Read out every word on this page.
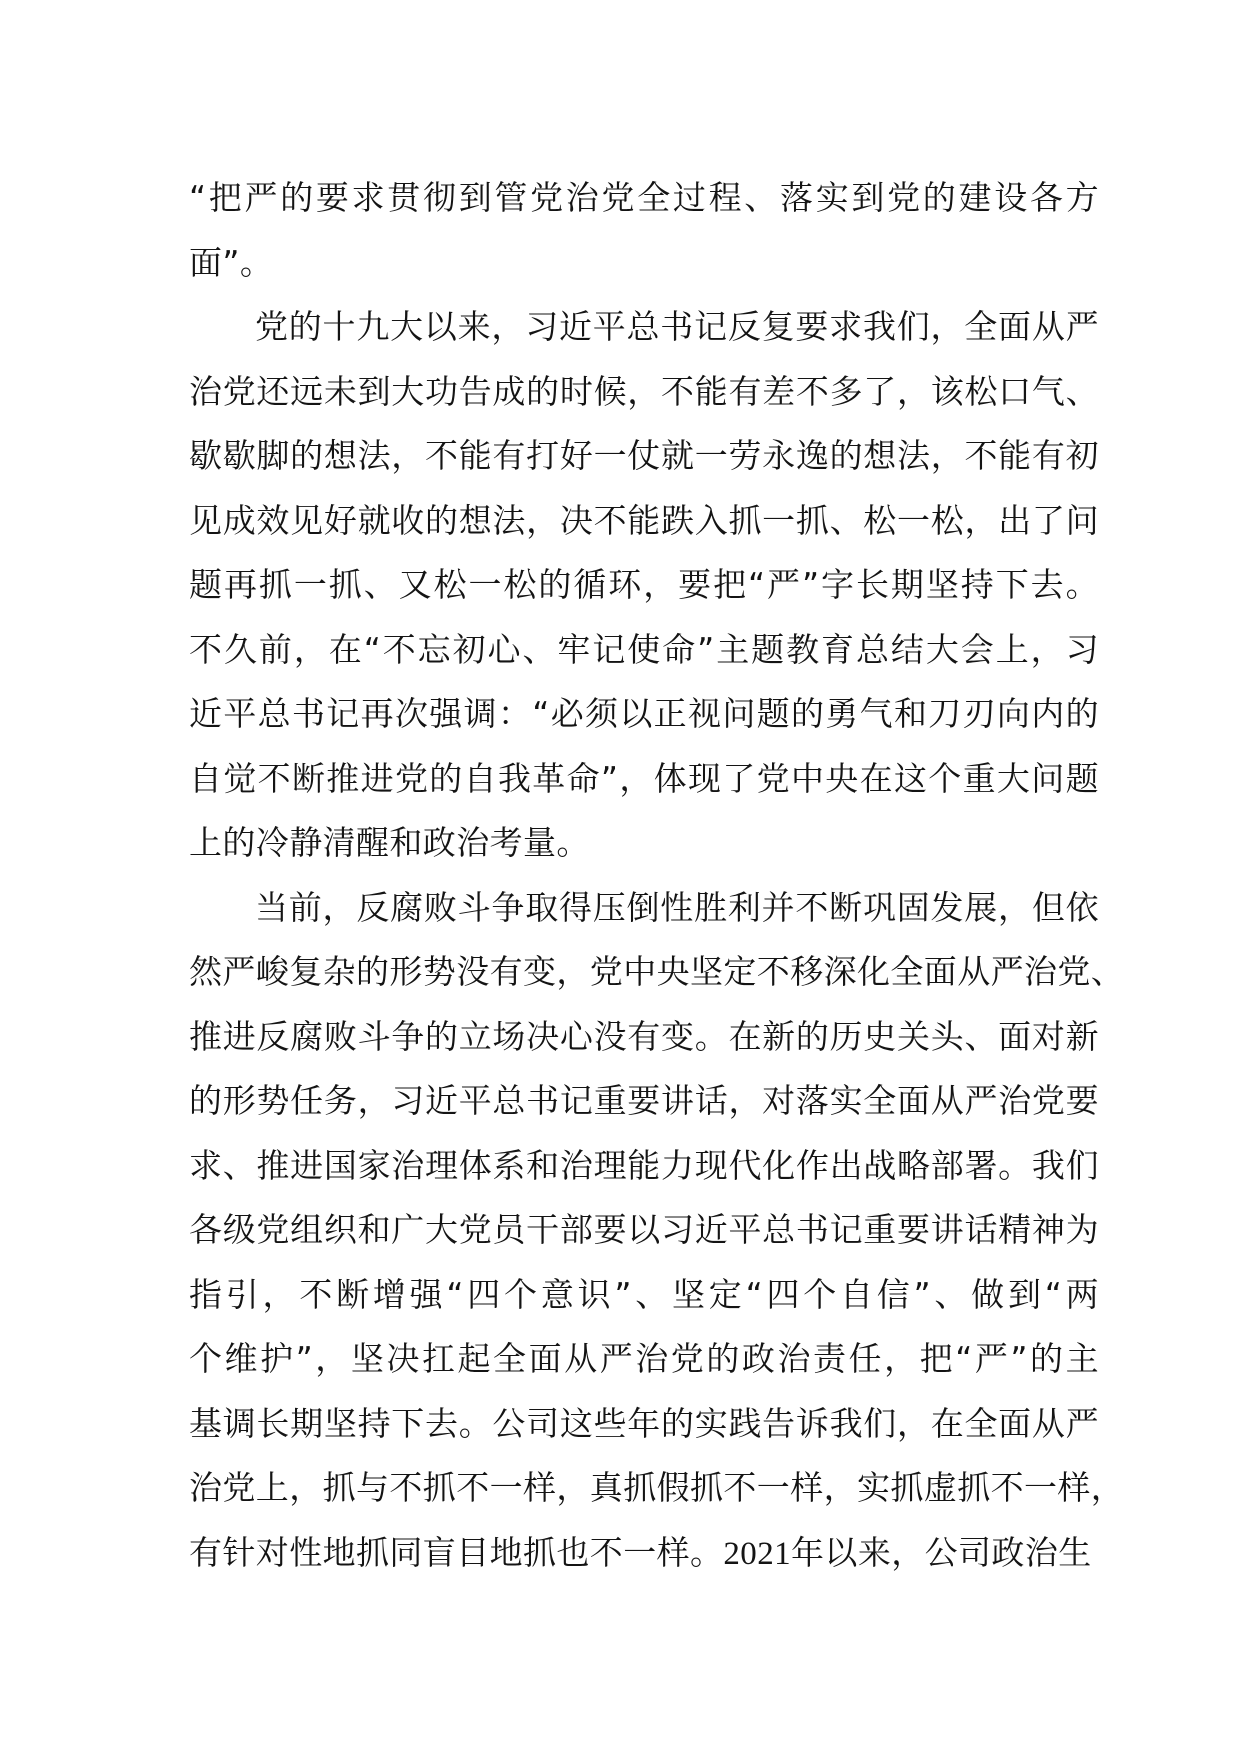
“把严的要求贯彻到管党治党全过程、落实到党的建设各方
面”。
党的十九大以来，习近平总书记反复要求我们，全面从严
治党还远未到大功告成的时候，不能有差不多了，该松口气、
歇歇脚的想法，不能有打好一仗就一劳永逸的想法，不能有初
见成效见好就收的想法，决不能跌入抓一抓、松一松，出了问
题再抓一抓、又松一松的循环，要把“严”字长期坚持下去。
不久前，在“不忘初心、牢记使命”主题教育总结大会上，习
近平总书记再次强调：“必须以正视问题的勇气和刀刃向内的
自觉不断推进党的自我革命”，体现了党中央在这个重大问题
上的冷静清醒和政治考量。
当前，反腐败斗争取得压倒性胜利并不断巩固发展，但依
然严峻复杂的形势没有变，党中央坚定不移深化全面从严治党、
推进反腐败斗争的立场决心没有变。在新的历史关头、面对新
的形势任务，习近平总书记重要讲话，对落实全面从严治党要
求、推进国家治理体系和治理能力现代化作出战略部署。我们
各级党组织和广大党员干部要以习近平总书记重要讲话精神为
指引，不断增强“四个意识”、坚定“四个自信”、做到“两
个维护”，坚决扛起全面从严治党的政治责任，把“严”的主
基调长期坚持下去。公司这些年的实践告诉我们，在全面从严
治党上，抓与不抓不一样，真抓假抓不一样，实抓虚抓不一样，
有针对性地抓同盲目地抓也不一样。2021年以来，公司政治生
